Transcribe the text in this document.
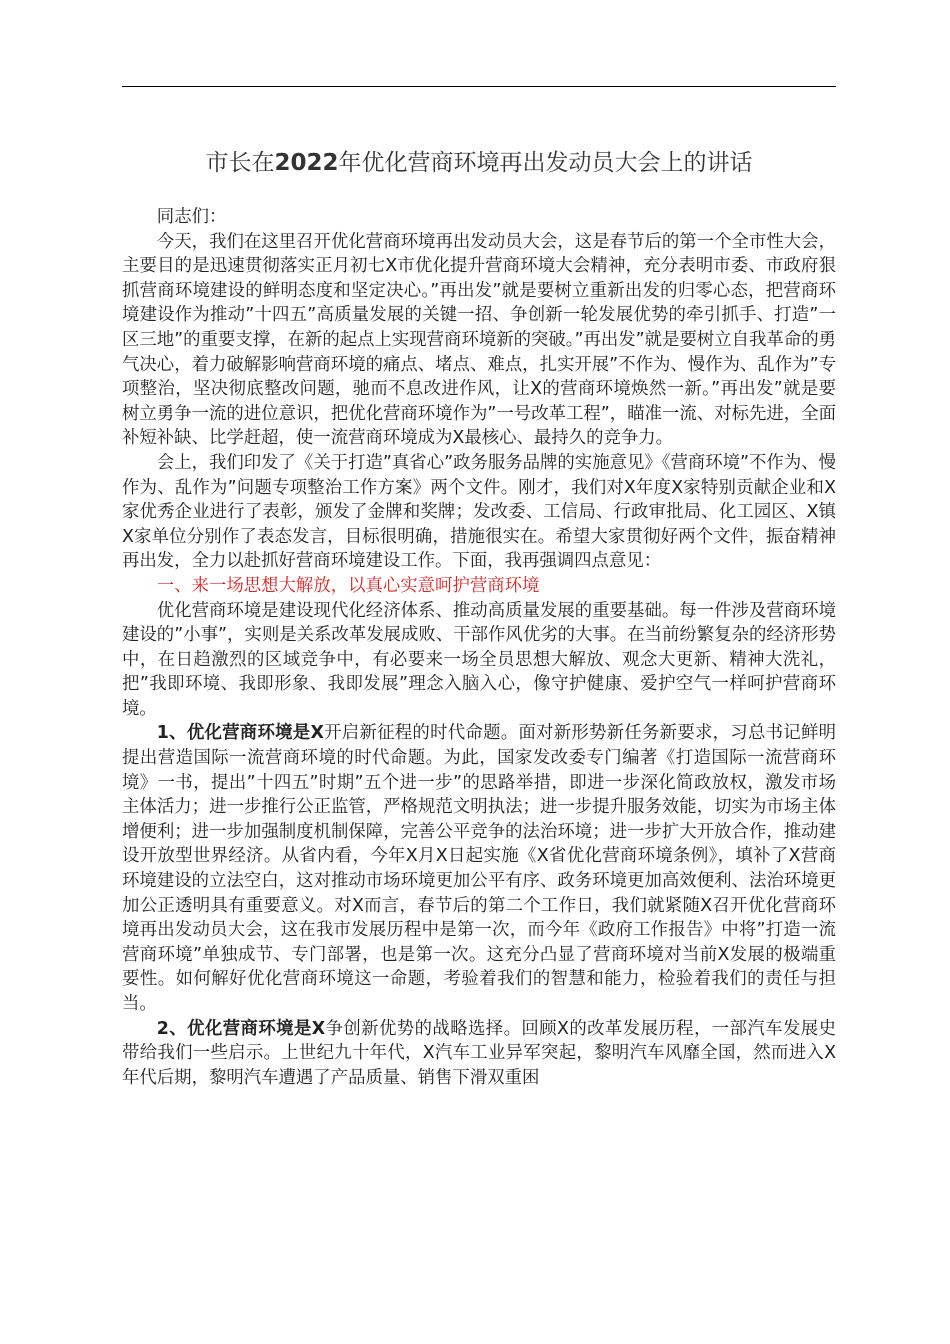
市长在2022年优化营商环境再出发动员大会上的讲话

同志们：

今天，我们在这里召开优化营商环境再出发动员大会，这是春节后的第一个全市性大会，主要目的是迅速贯彻落实正月初七X市优化提升营商环境大会精神，充分表明市委、市政府狠抓营商环境建设的鲜明态度和坚定决心。”再出发”就是要树立重新出发的归零心态，把营商环境建设作为推动”十四五”高质量发展的关键一招、争创新一轮发展优势的牵引抓手、打造”一区三地”的重要支撑，在新的起点上实现营商环境新的突破。”再出发”就是要树立自我革命的勇气决心，着力破解影响营商环境的痛点、堵点、难点，扎实开展”不作为、慢作为、乱作为”专项整治，坚决彻底整改问题，驰而不息改进作风，让X的营商环境焕然一新。”再出发”就是要树立勇争一流的进位意识，把优化营商环境作为”一号改革工程”，瞄准一流、对标先进，全面补短补缺、比学赶超，使一流营商环境成为X最核心、最持久的竞争力。

会上，我们印发了《关于打造”真省心”政务服务品牌的实施意见》《营商环境”不作为、慢作为、乱作为”问题专项整治工作方案》两个文件。刚才，我们对X年度X家特别贡献企业和X家优秀企业进行了表彰，颁发了金牌和奖牌；发改委、工信局、行政审批局、化工园区、X镇X家单位分别作了表态发言，目标很明确，措施很实在。希望大家贯彻好两个文件，振奋精神再出发，全力以赴抓好营商环境建设工作。下面，我再强调四点意见：

一、来一场思想大解放，以真心实意呵护营商环境

优化营商环境是建设现代化经济体系、推动高质量发展的重要基础。每一件涉及营商环境建设的”小事”，实则是关系改革发展成败、干部作风优劣的大事。在当前纷繁复杂的经济形势中，在日趋激烈的区域竞争中，有必要来一场全员思想大解放、观念大更新、精神大洗礼，把”我即环境、我即形象、我即发展”理念入脑入心，像守护健康、爱护空气一样呵护营商环境。

1、优化营商环境是X开启新征程的时代命题。面对新形势新任务新要求，习总书记鲜明提出营造国际一流营商环境的时代命题。为此，国家发改委专门编著《打造国际一流营商环境》一书，提出”十四五”时期”五个进一步”的思路举措，即进一步深化简政放权，激发市场主体活力；进一步推行公正监管，严格规范文明执法；进一步提升服务效能，切实为市场主体增便利；进一步加强制度机制保障，完善公平竞争的法治环境；进一步扩大开放合作，推动建设开放型世界经济。从省内看，今年X月X日起实施《X省优化营商环境条例》，填补了X营商环境建设的立法空白，这对推动市场环境更加公平有序、政务环境更加高效便利、法治环境更加公正透明具有重要意义。对X而言，春节后的第二个工作日，我们就紧随X召开优化营商环境再出发动员大会，这在我市发展历程中是第一次，而今年《政府工作报告》中将”打造一流营商环境”单独成节、专门部署，也是第一次。这充分凸显了营商环境对当前X发展的极端重要性。如何解好优化营商环境这一命题，考验着我们的智慧和能力，检验着我们的责任与担当。

2、优化营商环境是X争创新优势的战略选择。回顾X的改革发展历程，一部汽车发展史带给我们一些启示。上世纪九十年代，X汽车工业异军突起，黎明汽车风靡全国，然而进入X年代后期，黎明汽车遭遇了产品质量、销售下滑双重困
